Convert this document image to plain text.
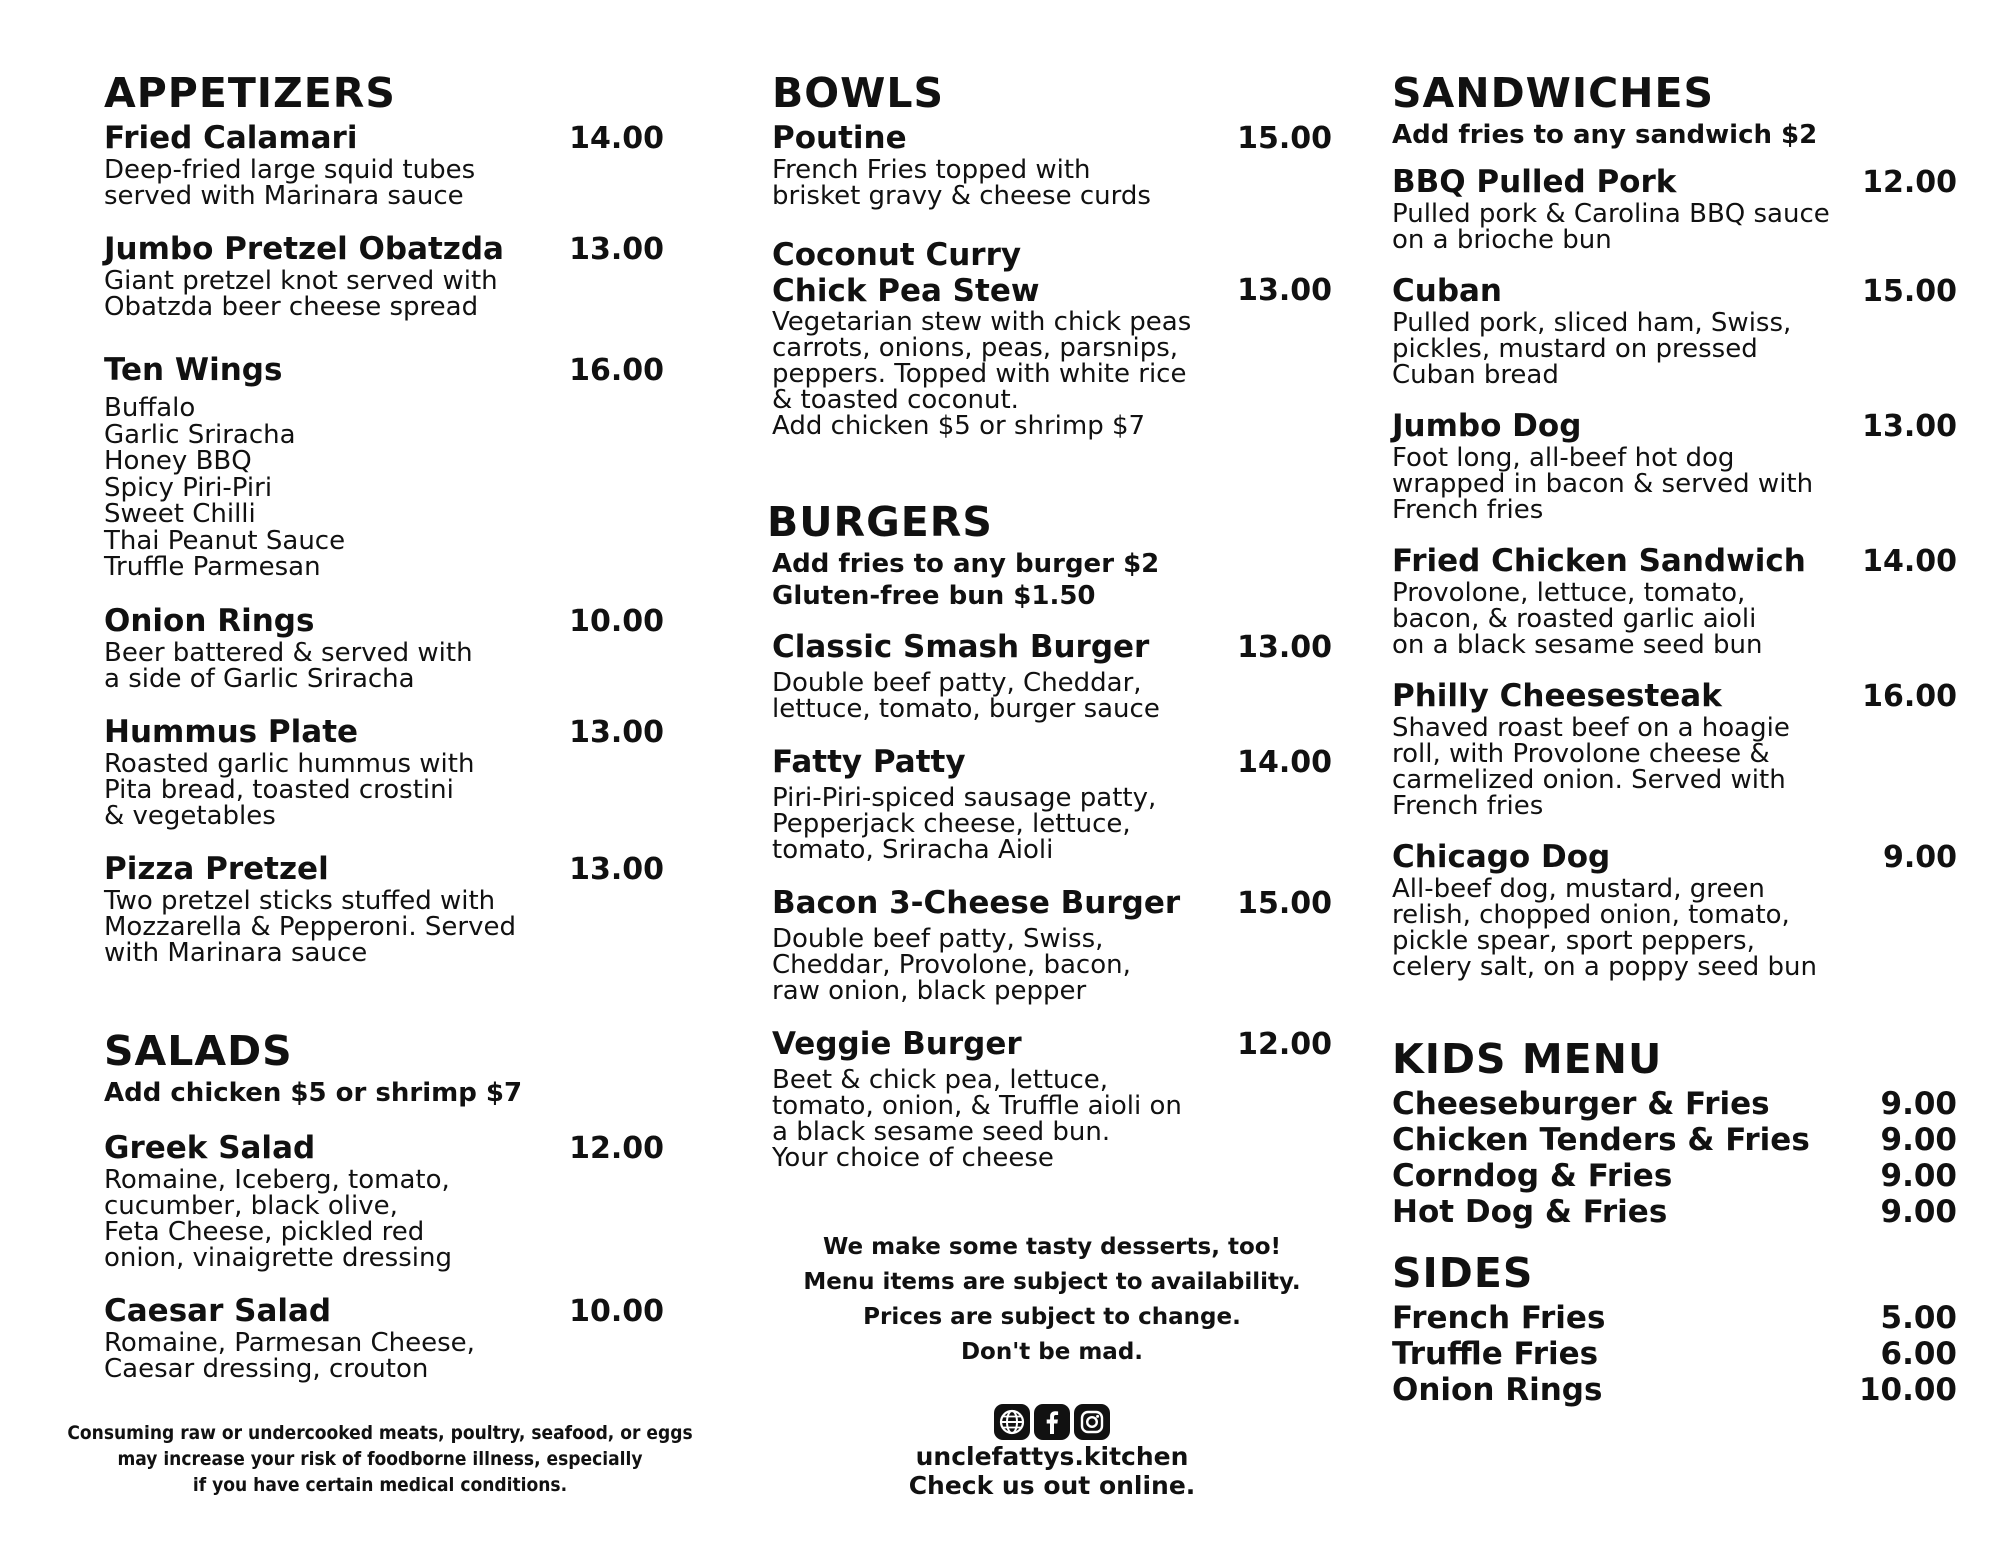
APPETIZERS
Fried Calamari	14.00
Deep-fried large squid tubes
served with Marinara sauce
Jumbo Pretzel Obatzda 13.00
Giant pretzel knot served with
Obatzda beer cheese spread
Ten Wings	16.00
Buffalo
Garlic Sriracha
Honey BBQ
Spicy Piri-Piri
Sweet Chilli
Thai Peanut Sauce
Truffle Parmesan
Onion Rings	10.00
Beer battered & served with
a side of Garlic Sriracha
Hummus Plate	13.00
Roasted garlic hummus with
Pita bread, toasted crostini
& vegetables
Pizza Pretzel	13.00
Two pretzel sticks stuffed with
Mozzarella & Pepperoni. Served
with Marinara sauce
SALADS
Add chicken $5 or shrimp $7
Greek Salad	12.00
Romaine, Iceberg, tomato,
cucumber, black olive,
Feta Cheese, pickled red
onion, vinaigrette dressing
Caesar Salad	10.00
Romaine, Parmesan Cheese,
Caesar dressing, crouton
Consuming raw or undercooked meats, poultry, seafood, or eggs
may increase your risk of foodborne illness, especially
if you have certain medical conditions.
BOWLS
Poutine	15.00
French Fries topped with
brisket gravy & cheese curds
Coconut Curry
Chick Pea Stew	13.00
Vegetarian stew with chick peas
carrots, onions, peas, parsnips,
peppers. Topped with white rice
& toasted coconut.
Add chicken $5 or shrimp $7
BURGERS
Add fries to any burger $2
Gluten-free bun $1.50
Classic Smash Burger	13.00
Double beef patty, Cheddar,
lettuce, tomato, burger sauce
Fatty Patty	14.00
Piri-Piri-spiced sausage patty,
Pepperjack cheese, lettuce,
tomato, Sriracha Aioli
Bacon 3-Cheese Burger 15.00
Double beef patty, Swiss,
Cheddar, Provolone, bacon,
raw onion, black pepper
Veggie Burger	12.00
Beet & chick pea, lettuce,
tomato, onion, & Truffle aioli on
a black sesame seed bun.
Your choice of cheese
We make some tasty desserts, too!
Menu items are subject to availability.
Prices are subject to change.
Don't be mad.
unclefattys.kitchen
Check us out online.
SANDWICHES
Add fries to any sandwich $2
BBQ Pulled Pork	12.00
Pulled pork & Carolina BBQ sauce
on a brioche bun
Cuban	15.00
Pulled pork, sliced ham, Swiss,
pickles, mustard on pressed
Cuban bread
Jumbo Dog	13.00
Foot long, all-beef hot dog
wrapped in bacon & served with
French fries
Fried Chicken Sandwich 14.00
Provolone, lettuce, tomato,
bacon, & roasted garlic aioli
on a black sesame seed bun
Philly Cheesesteak	16.00
Shaved roast beef on a hoagie
roll, with Provolone cheese &
carmelized onion. Served with
French fries
Chicago Dog	9.00
All-beef dog, mustard, green
relish, chopped onion, tomato,
pickle spear, sport peppers,
celery salt, on a poppy seed bun
KIDS MENU
Cheeseburger & Fries	9.00
Chicken Tenders & Fries 9.00
Corndog & Fries	9.00
Hot Dog & Fries	9.00
SIDES
French Fries	5.00
Truffle Fries	6.00
Onion Rings	10.00
